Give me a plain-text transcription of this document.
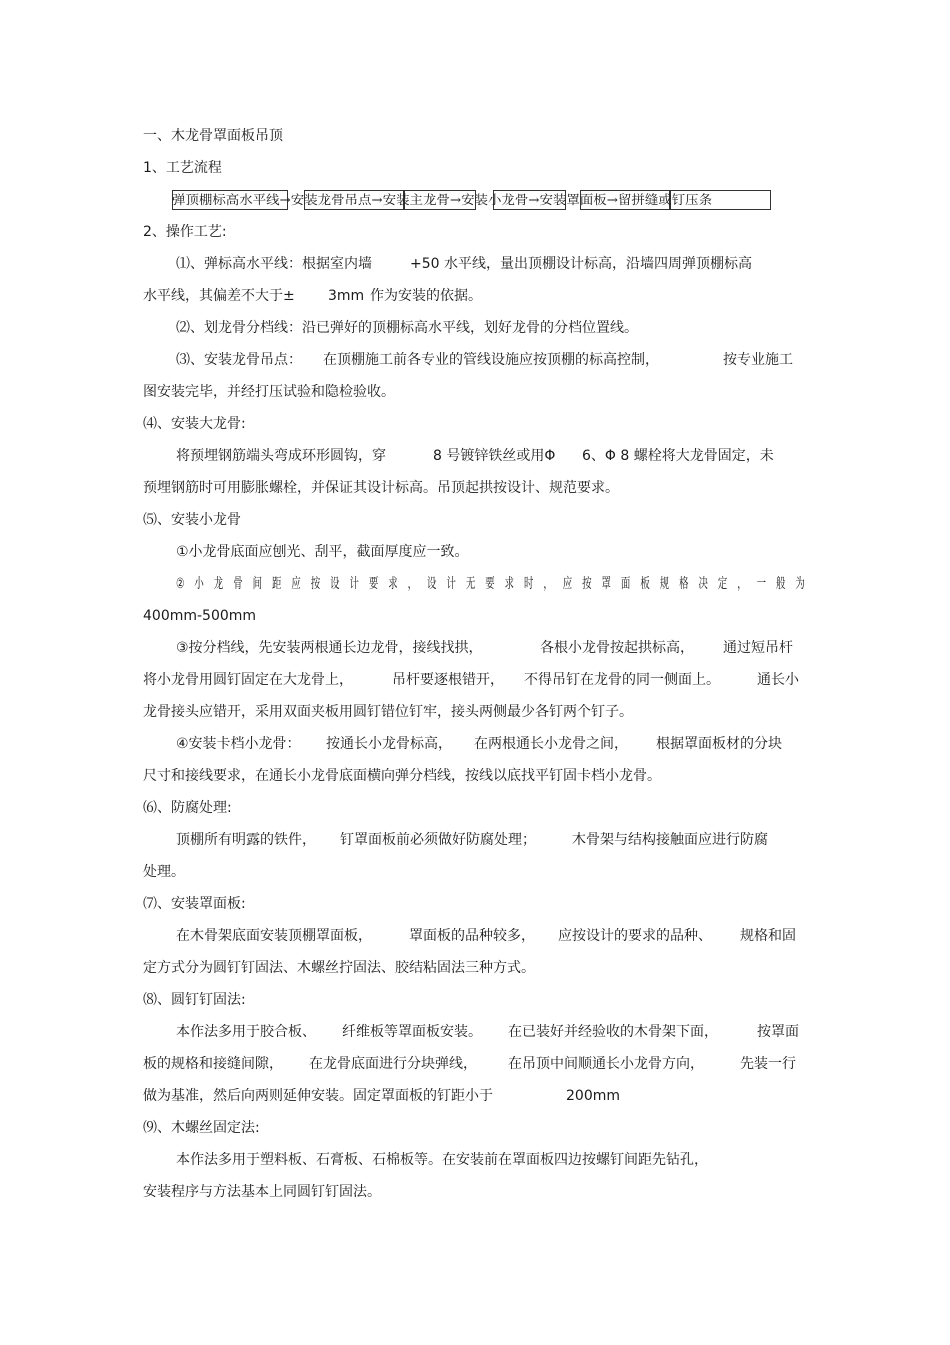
一、木龙骨罩面板吊顶
1、工艺流程
弹顶棚标高水平线→安装龙骨吊点→安装主龙骨→安装小龙骨→安装罩面板→留拼缝或钉压条
2、操作工艺:
⑴、弹标高水平线：根据室内墙	+50 水平线，量出顶棚设计标高，沿墙四周弹顶棚标高
水平线，其偏差不大于± 3mm 作为安装的依据。
⑵、划龙骨分档线：沿已弹好的顶棚标高水平线，划好龙骨的分档位置线。
⑶、安装龙骨吊点： 在顶棚施工前各专业的管线设施应按顶棚的标高控制，	按专业施工
图安装完毕，并经打压试验和隐检验收。
⑷、安装大龙骨:
将预埋钢筋端头弯成环形圆钩，穿	8 号镀锌铁丝或用Φ 6、Φ 8 螺栓将大龙骨固定，未
预埋钢筋时可用膨胀螺栓，并保证其设计标高。吊顶起拱按设计、规范要求。
⑸、安装小龙骨
①小龙骨底面应刨光、刮平，截面厚度应一致。
② 小 龙 骨 间 距 应 按 设 计 要 求 ， 设 计 无 要 求 时 ， 应 按 罩 面 板 规 格 决 定 ， 一 般 为
400mm-500mm
③按分档线，先安装两根通长边龙骨，接线找拱，	各根小龙骨按起拱标高， 通过短吊杆
将小龙骨用圆钉固定在大龙骨上，	吊杆要逐根错开， 不得吊钉在龙骨的同一侧面上。	通长小
龙骨接头应错开，采用双面夹板用圆钉错位钉牢，接头两侧最少各钉两个钉子。
④安装卡档小龙骨： 按通长小龙骨标高， 在两根通长小龙骨之间， 根据罩面板材的分块
尺寸和接线要求，在通长小龙骨底面横向弹分档线，按线以底找平钉固卡档小龙骨。
⑹、防腐处理:
顶棚所有明露的铁件， 钉罩面板前必须做好防腐处理；	木骨架与结构接触面应进行防腐
处理。
⑺、安装罩面板:
在木骨架底面安装顶棚罩面板，	罩面板的品种较多， 应按设计的要求的品种、 规格和固
定方式分为圆钉钉固法、木螺丝拧固法、胶结粘固法三种方式。
⑻、圆钉钉固法:
本作法多用于胶合板、 纤维板等罩面板安装。 在已装好并经验收的木骨架下面，	按罩面
板的规格和接缝间隙， 在龙骨底面进行分块弹线， 在吊顶中间顺通长小龙骨方向，	先装一行
做为基准，然后向两则延伸安装。固定罩面板的钉距小于	200mm
⑼、木螺丝固定法:
本作法多用于塑料板、石膏板、石棉板等。在安装前在罩面板四边按螺钉间距先钻孔，
安装程序与方法基本上同圆钉钉固法。
